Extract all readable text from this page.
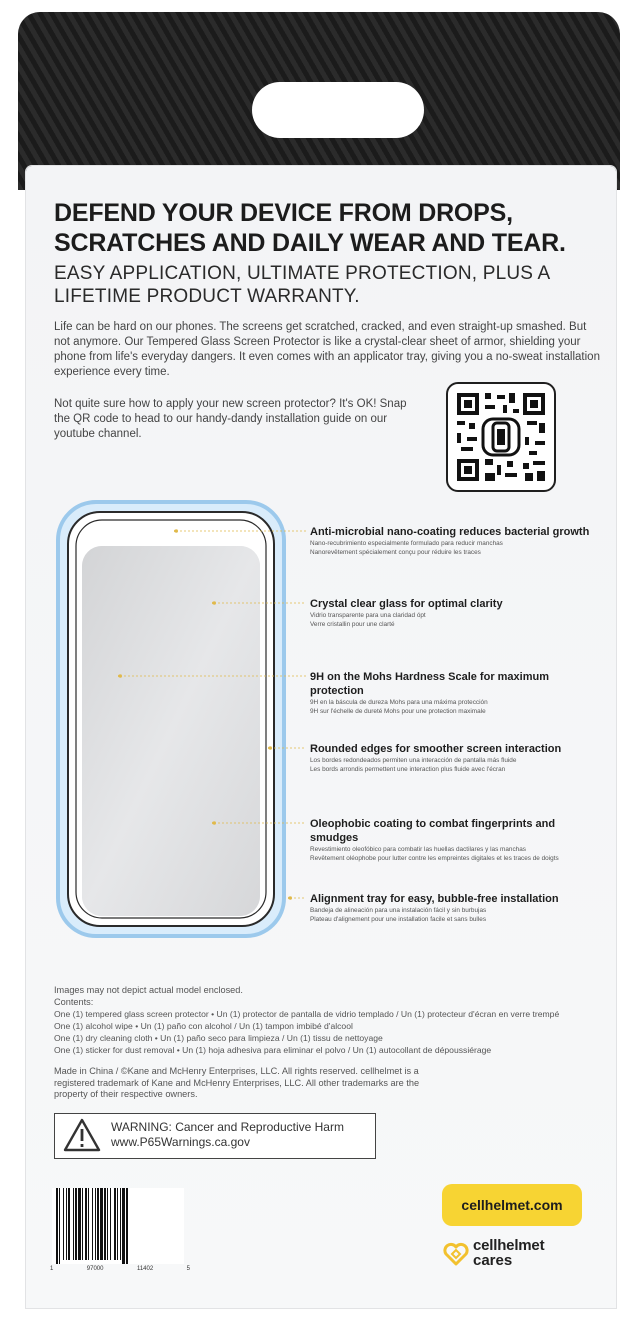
DEFEND YOUR DEVICE FROM DROPS, SCRATCHES AND DAILY WEAR AND TEAR.
EASY APPLICATION, ULTIMATE PROTECTION, PLUS A LIFETIME PRODUCT WARRANTY.
Life can be hard on our phones. The screens get scratched, cracked, and even straight-up smashed. But not anymore. Our Tempered Glass Screen Protector is like a crystal-clear sheet of armor, shielding your phone from life's everyday dangers. It even comes with an applicator tray, giving you a no-sweat installation experience every time.
Not quite sure how to apply your new screen protector? It's OK! Snap the QR code to head to our handy-dandy installation guide on our youtube channel.
Anti-microbial nano-coating reduces bacterial growth
Nano-recubrimiento especialmente formulado para reducir manchas
Nanorevêtement spécialement conçu pour réduire les traces
Crystal clear glass for optimal clarity
Vidrio transparente para una claridad ópt
Verre cristallin pour une clarté
9H on the Mohs Hardness Scale for maximum protection
9H en la báscula de dureza Mohs para una máxima protección
9H sur l'échelle de dureté Mohs pour une protection maximale
Rounded edges for smoother screen interaction
Los bordes redondeados permiten una interacción de pantalla más fluide
Les bords arrondis permettent une interaction plus fluide avec l'écran
Oleophobic coating to combat fingerprints and smudges
Revestimiento oleofóbico para combatir las huellas dactilares y las manchas
Revêtement oléophobe pour lutter contre les empreintes digitales et les traces de doigts
Alignment tray for easy, bubble-free installation
Bandeja de alineación para una instalación fácil y sin burbujas
Plateau d'alignement pour une installation facile et sans bulles
Images may not depict actual model enclosed.
Contents:
One (1) tempered glass screen protector • Un (1) protector de pantalla de vidrio templado / Un (1) protecteur d'écran en verre trempé
One (1) alcohol wipe • Un (1) paño con alcohol / Un (1) tampon imbibé d'alcool
One (1) dry cleaning cloth • Un (1) paño seco para limpieza / Un (1) tissu de nettoyage
One (1) sticker for dust removal • Un (1) hoja adhesiva para eliminar el polvo / Un (1) autocollant de dépoussiérage
Made in China / ©Kane and McHenry Enterprises, LLC. All rights reserved. cellhelmet is a registered trademark of Kane and McHenry Enterprises, LLC. All other trademarks are the property of their respective owners.
WARNING: Cancer and Reproductive Harm
www.P65Warnings.ca.gov
1	97000	11402	5
cellhelmet.com
cellhelmet
cares
